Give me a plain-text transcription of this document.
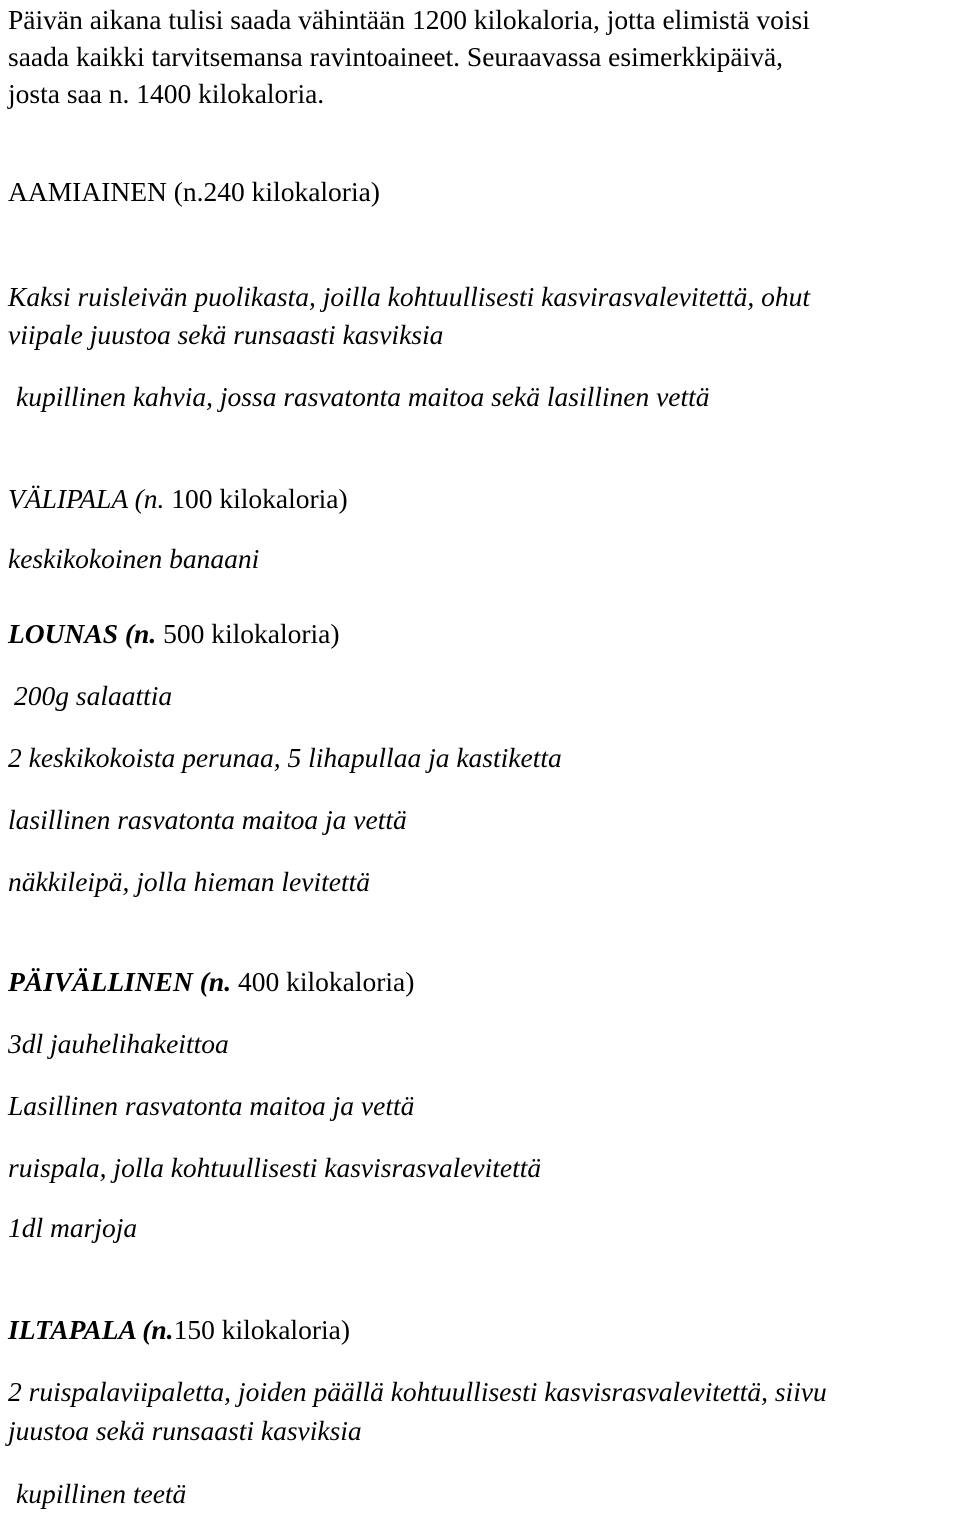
Päivän aikana tulisi saada vähintään 1200 kilokaloria, jotta elimistä voisi
saada kaikki tarvitsemansa ravintoaineet. Seuraavassa esimerkkipäivä,
josta saa n. 1400 kilokaloria.
AAMIAINEN (n.240 kilokaloria)
Kaksi ruisleivän puolikasta, joilla kohtuullisesti kasvirasvalevitettä, ohut
viipale juustoa sekä runsaasti kasviksia
kupillinen kahvia, jossa rasvatonta maitoa sekä lasillinen vettä
VÄLIPALA (n. 100 kilokaloria)
keskikokoinen banaani
LOUNAS (n. 500 kilokaloria)
200g salaattia
2 keskikokoista perunaa, 5 lihapullaa ja kastiketta
lasillinen rasvatonta maitoa ja vettä
näkkileipä, jolla hieman levitettä
PÄIVÄLLINEN (n. 400 kilokaloria)
3dl jauhelihakeittoa
Lasillinen rasvatonta maitoa ja vettä
ruispala, jolla kohtuullisesti kasvisrasvalevitettä
1dl marjoja
ILTAPALA (n.150 kilokaloria)
2 ruispalaviipaletta, joiden päällä kohtuullisesti kasvisrasvalevitettä, siivu
juustoa sekä runsaasti kasviksia
kupillinen teetä
